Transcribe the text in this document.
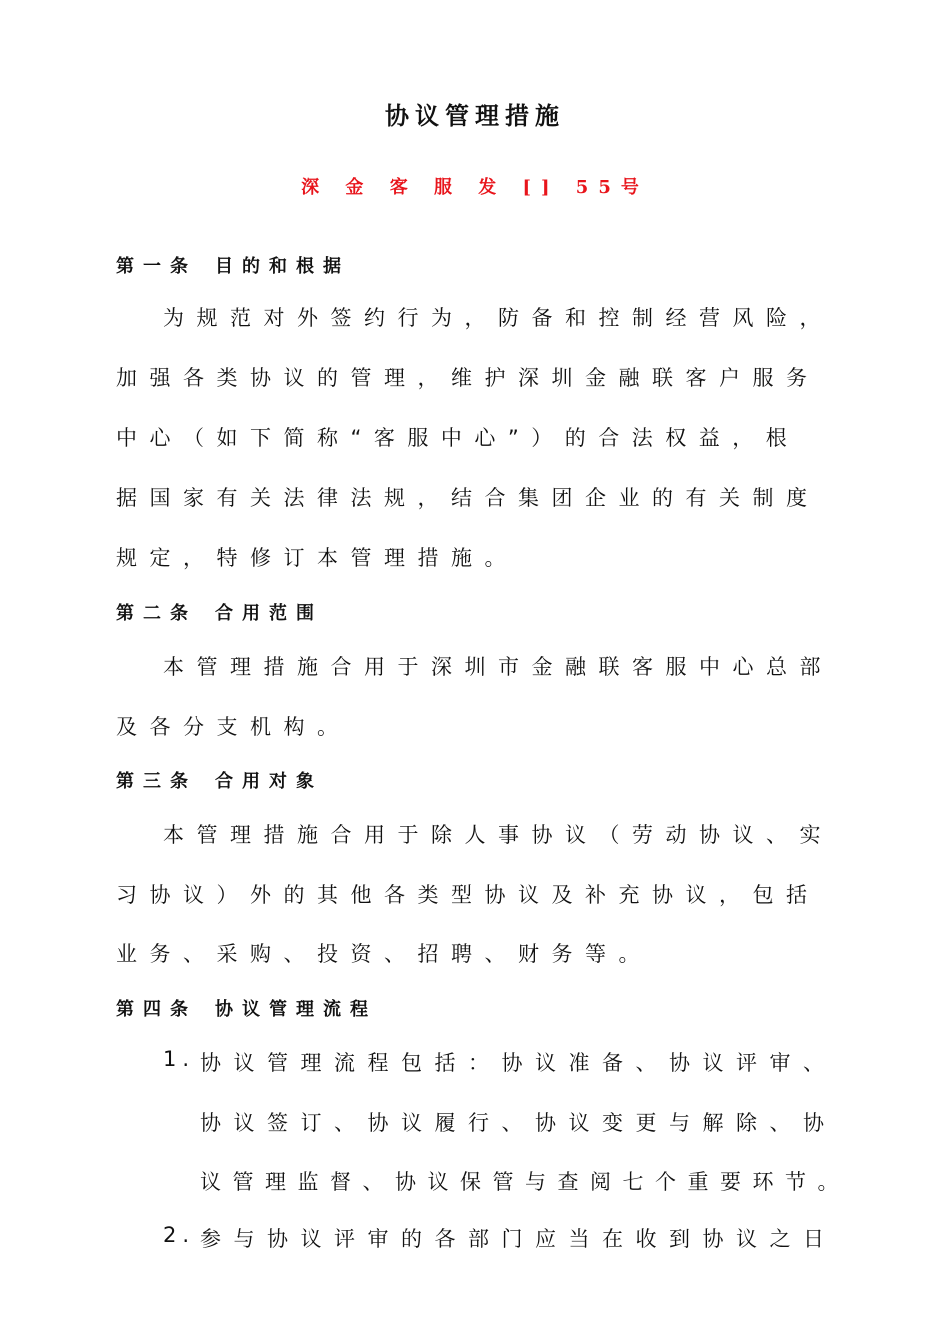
协议管理措施
深 金 客 服 发 [] 55号
第一条 目的和根据
为规范对外签约行为，防备和控制经营风险，
加强各类协议的管理，维护深圳金融联客户服务
中心（如下简称“客服中心”）的合法权益，根
据国家有关法律法规，结合集团企业的有关制度
规定，特修订本管理措施。
第二条 合用范围
本管理措施合用于深圳市金融联客服中心总部
及各分支机构。
第三条 合用对象
本管理措施合用于除人事协议（劳动协议、实
习协议）外的其他各类型协议及补充协议，包括
业务、采购、投资、招聘、财务等。
第四条 协议管理流程
1. 协议管理流程包括：协议准备、协议评审、
协议签订、协议履行、协议变更与解除、协
议管理监督、协议保管与查阅七个重要环节。
2. 参与协议评审的各部门应当在收到协议之日
